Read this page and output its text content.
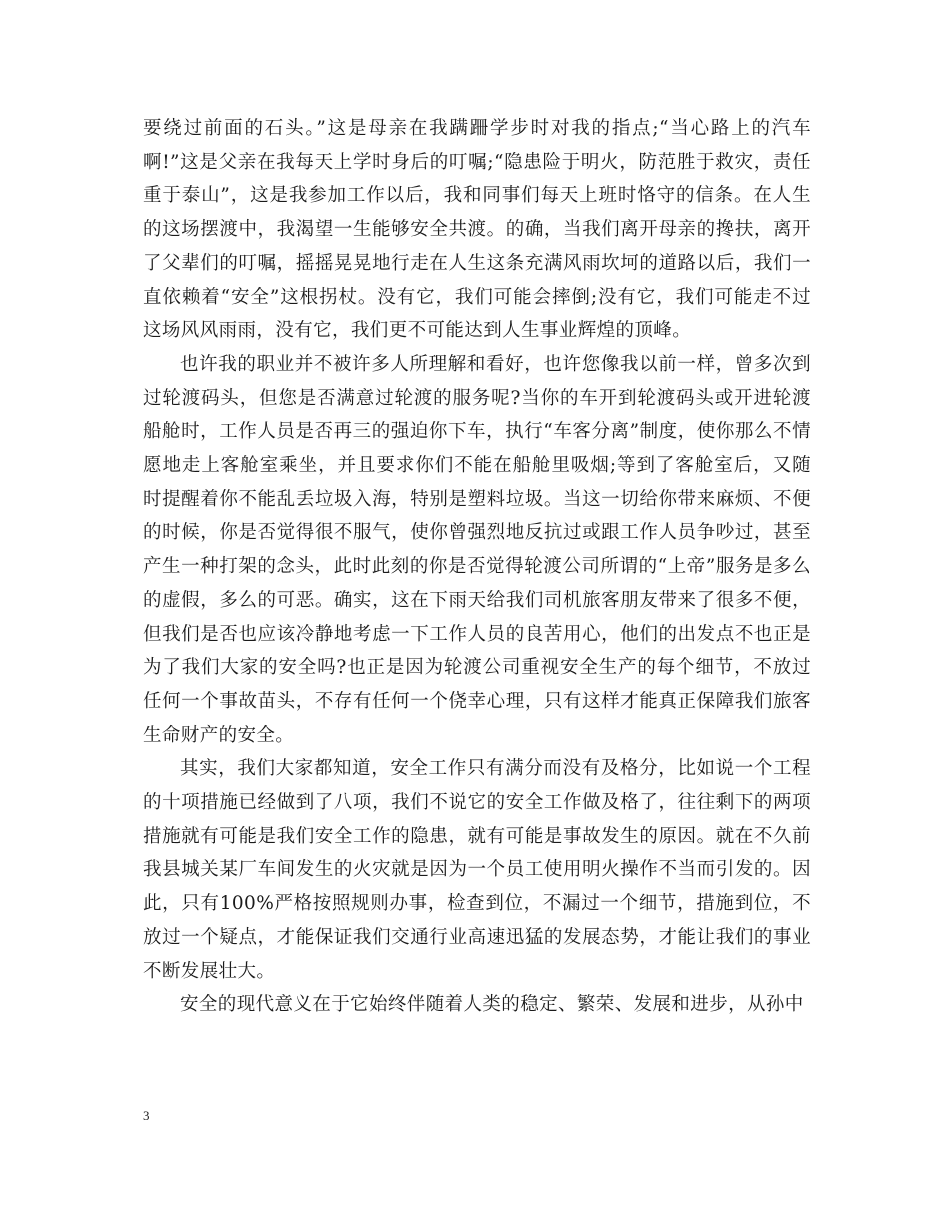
要绕过前面的石头。”这是母亲在我蹒跚学步时对我的指点;“当心路上的汽车啊!”这是父亲在我每天上学时身后的叮嘱;“隐患险于明火，防范胜于救灾，责任重于泰山”，这是我参加工作以后，我和同事们每天上班时恪守的信条。在人生的这场摆渡中，我渴望一生能够安全共渡。的确，当我们离开母亲的搀扶，离开了父辈们的叮嘱，摇摇晃晃地行走在人生这条充满风雨坎坷的道路以后，我们一直依赖着“安全”这根拐杖。没有它，我们可能会摔倒;没有它，我们可能走不过这场风风雨雨，没有它，我们更不可能达到人生事业辉煌的顶峰。

也许我的职业并不被许多人所理解和看好，也许您像我以前一样，曾多次到过轮渡码头，但您是否满意过轮渡的服务呢?当你的车开到轮渡码头或开进轮渡船舱时，工作人员是否再三的强迫你下车，执行“车客分离”制度，使你那么不情愿地走上客舱室乘坐，并且要求你们不能在船舱里吸烟;等到了客舱室后，又随时提醒着你不能乱丢垃圾入海，特别是塑料垃圾。当这一切给你带来麻烦、不便的时候，你是否觉得很不服气，使你曾强烈地反抗过或跟工作人员争吵过，甚至产生一种打架的念头，此时此刻的你是否觉得轮渡公司所谓的“上帝”服务是多么的虚假，多么的可恶。确实，这在下雨天给我们司机旅客朋友带来了很多不便，但我们是否也应该冷静地考虑一下工作人员的良苦用心，他们的出发点不也正是为了我们大家的安全吗?也正是因为轮渡公司重视安全生产的每个细节，不放过任何一个事故苗头，不存有任何一个侥幸心理，只有这样才能真正保障我们旅客生命财产的安全。

其实，我们大家都知道，安全工作只有满分而没有及格分，比如说一个工程的十项措施已经做到了八项，我们不说它的安全工作做及格了，往往剩下的两项措施就有可能是我们安全工作的隐患，就有可能是事故发生的原因。就在不久前我县城关某厂车间发生的火灾就是因为一个员工使用明火操作不当而引发的。因此，只有100%严格按照规则办事，检查到位，不漏过一个细节，措施到位，不放过一个疑点，才能保证我们交通行业高速迅猛的发展态势，才能让我们的事业不断发展壮大。

安全的现代意义在于它始终伴随着人类的稳定、繁荣、发展和进步，从孙中

3
